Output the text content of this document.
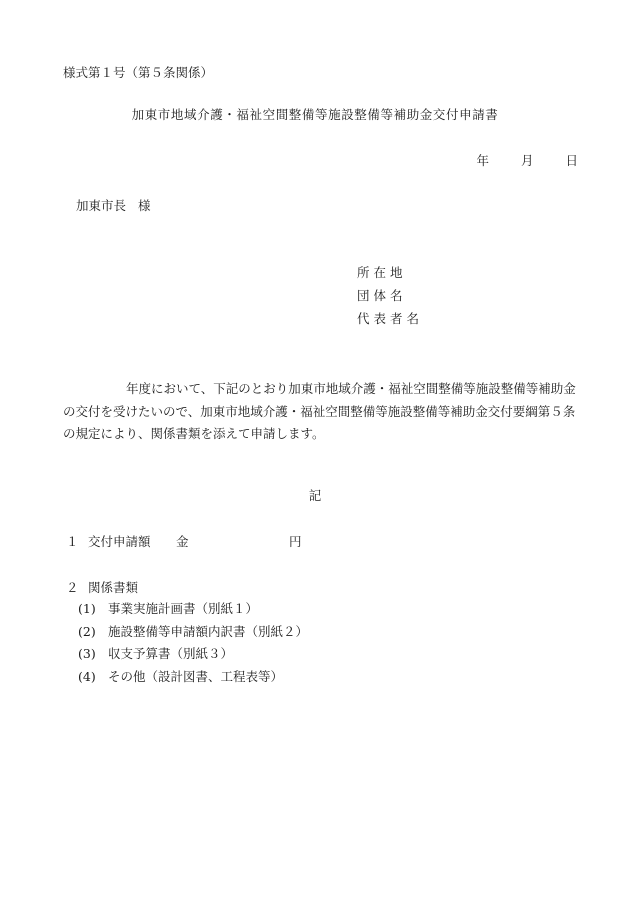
様式第１号（第５条関係）
加東市地域介護・福祉空間整備等施設整備等補助金交付申請書
年	月	日
加東市長 様
所在地
団体名
代表者名
年度において、下記のとおり加東市地域介護・福祉空間整備等施設整備等補助金
の交付を受けたいので、加東市地域介護・福祉空間整備等施設整備等補助金交付要綱第５条
の規定により、関係書類を添えて申請します。
記
１ 交付申請額 金	円
２ 関係書類
(1) 事業実施計画書（別紙１）
(2) 施設整備等申請額内訳書（別紙２）
(3) 収支予算書（別紙３）
(4) その他（設計図書、工程表等）
